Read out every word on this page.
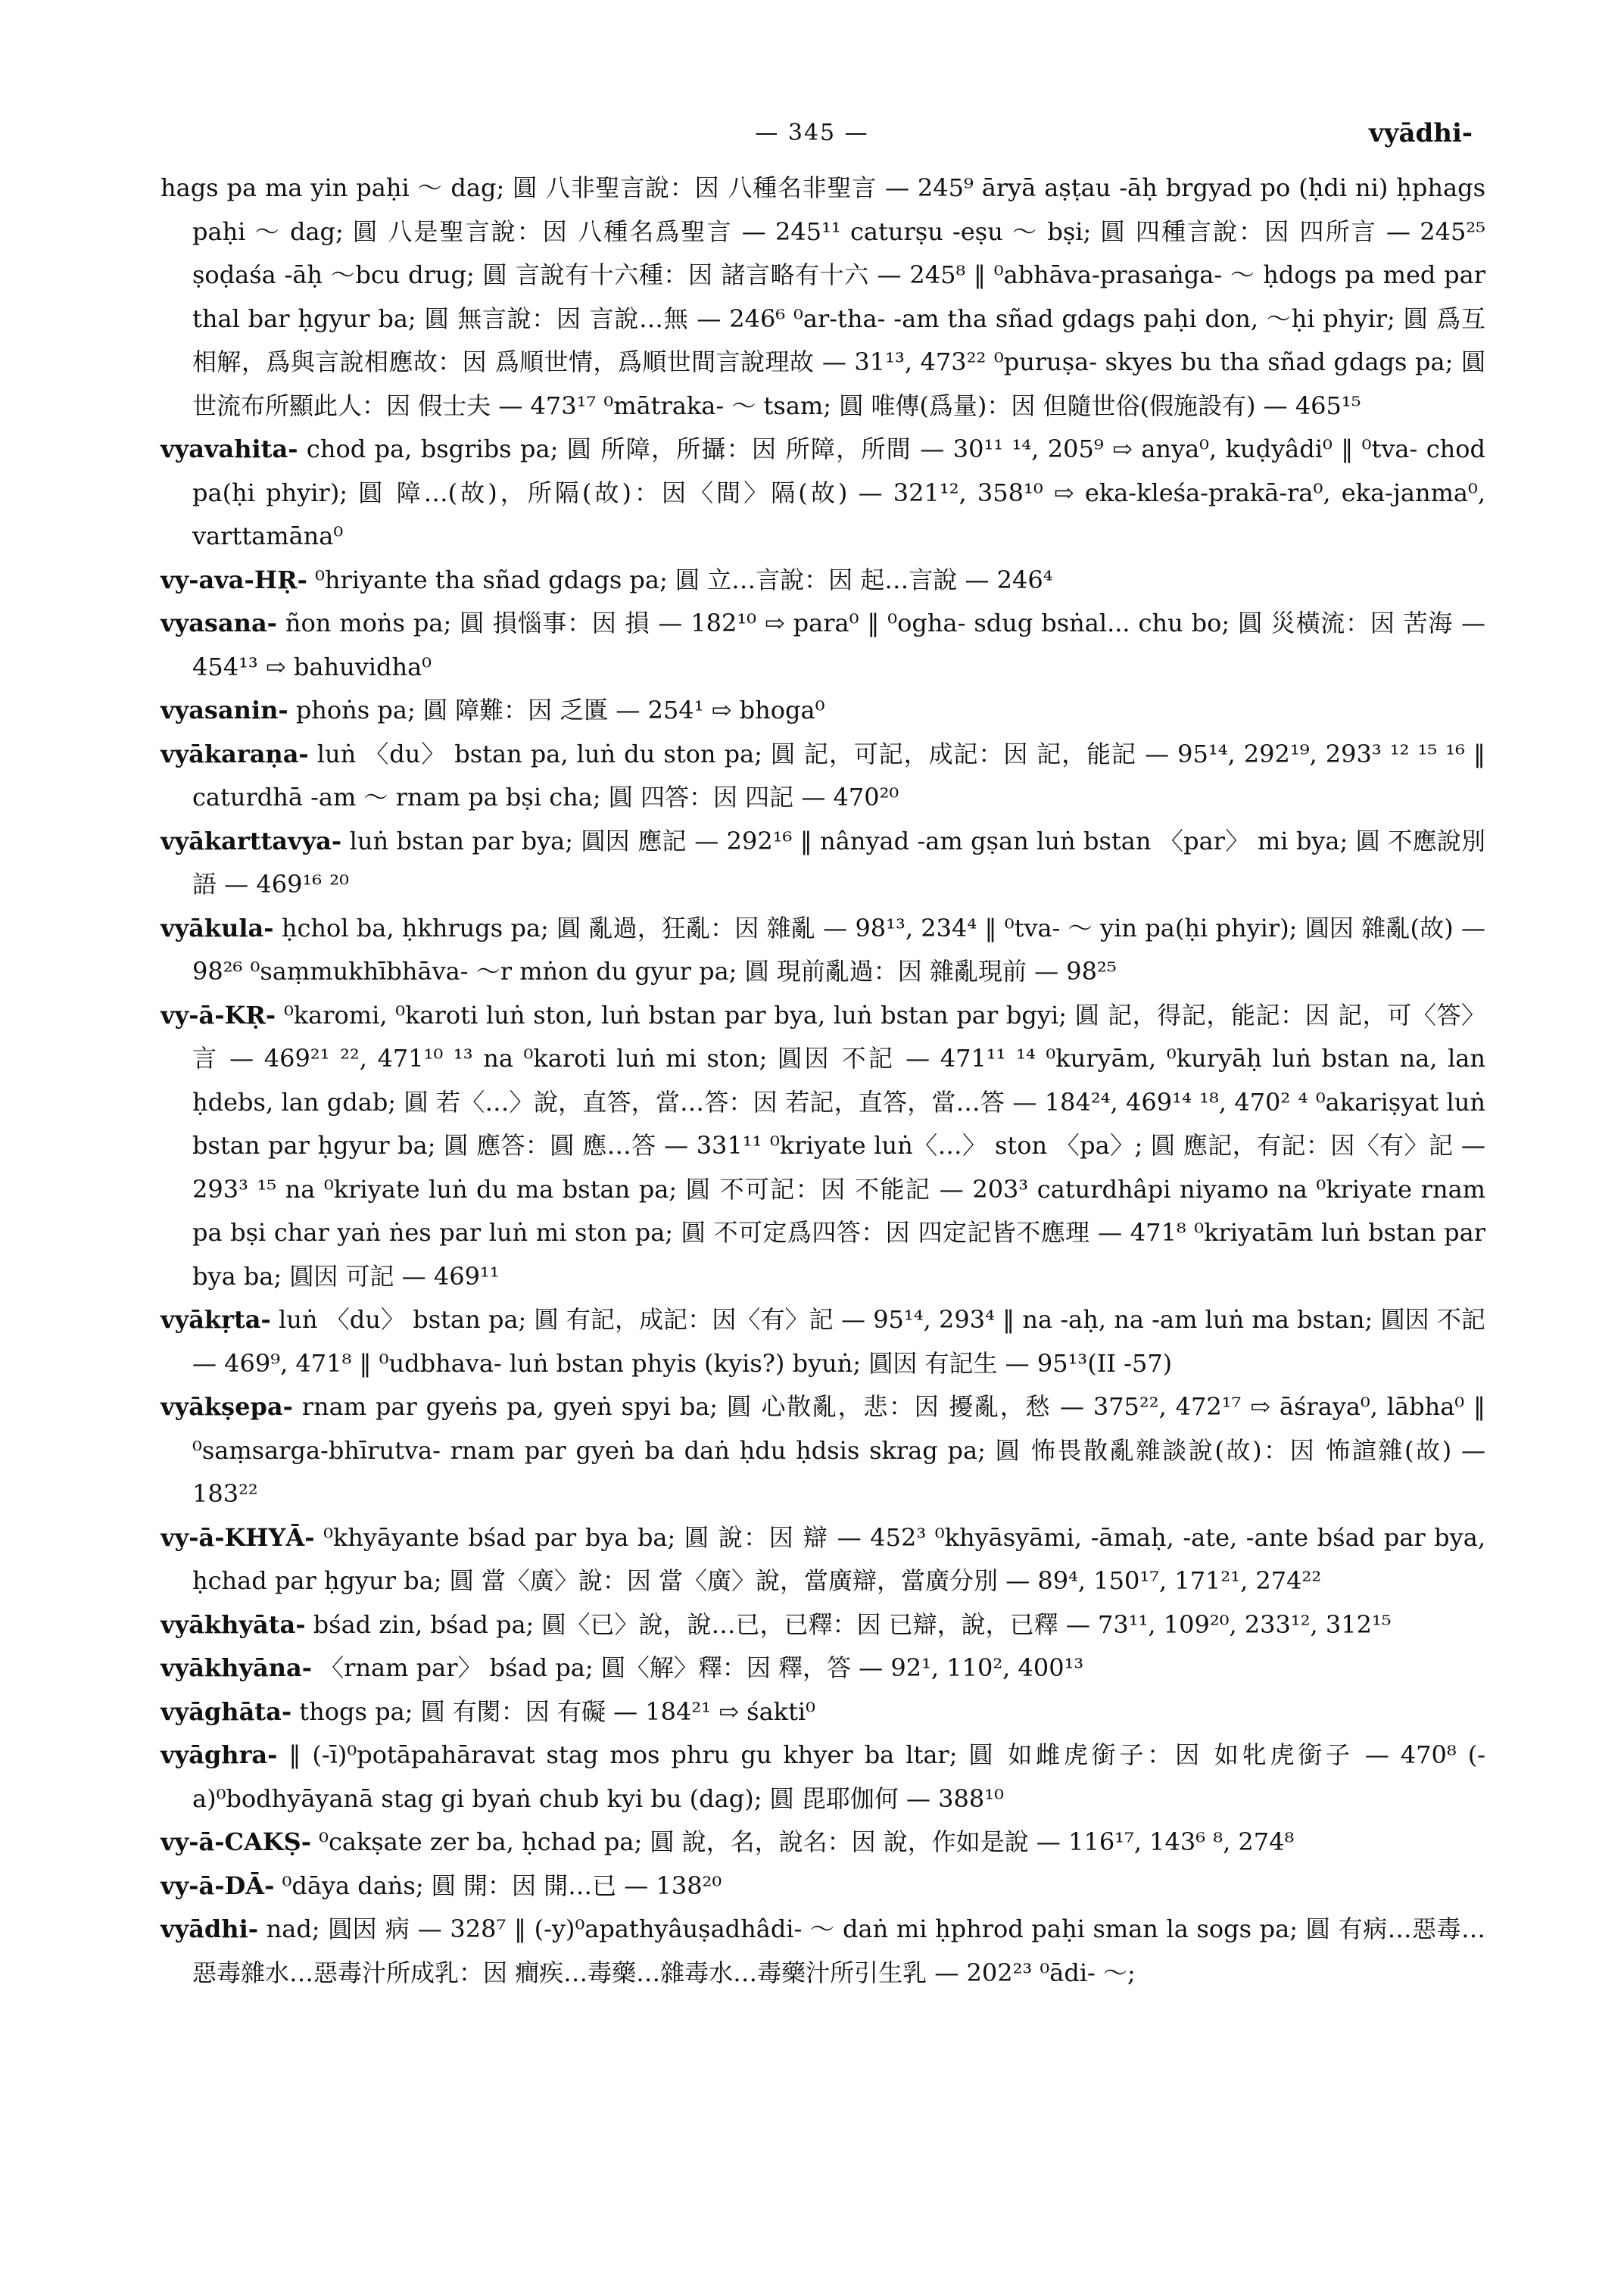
— 345 —	vyādhi-

hags pa ma yin paḥi ～ dag; 圓 八非聖言說：因 八種名非聖言 — 245⁹ āryā aṣṭau -āḥ brgyad po (ḥdi ni) ḥphags paḥi ～ dag; 圓 八是聖言說：因 八種名爲聖言 — 245¹¹ caturṣu -eṣu ～ bṣi; 圓 四種言說：因 四所言 — 245²⁵ ṣoḍaśa -āḥ ～bcu drug; 圓 言說有十六種：因 諸言略有十六 — 245⁸ ‖ ⁰abhāva-prasaṅga- ～ ḥdogs pa med par thal bar ḥgyur ba; 圓 無言說：因 言說…無 — 246⁶ ⁰ar-tha- -am tha sñad gdags paḥi don, ～ḥi phyir; 圓 爲互相解，爲與言說相應故：因 爲順世情，爲順世間言說理故 — 31¹³, 473²² ⁰puruṣa- skyes bu tha sñad gdags pa; 圓 世流布所顯此人：因 假士夫 — 473¹⁷ ⁰mātraka- ～ tsam; 圓 唯傳(爲量)：因 但隨世俗(假施設有) — 465¹⁵

vyavahita- chod pa, bsgribs pa; 圓 所障，所攝：因 所障，所間 — 30¹¹ ¹⁴, 205⁹ ⇨ anya⁰, kuḍyâdi⁰ ‖ ⁰tva- chod pa(ḥi phyir); 圓 障…(故)，所隔(故)：因〈間〉隔(故) — 321¹², 358¹⁰ ⇨ eka-kleśa-prakā-ra⁰, eka-janma⁰, varttamāna⁰

vy-ava-HṚ- ⁰hriyante tha sñad gdags pa; 圓 立…言說：因 起…言說 — 246⁴

vyasana- ñon moṅs pa; 圓 損惱事：因 損 — 182¹⁰ ⇨ para⁰ ‖ ⁰ogha- sdug bsṅal... chu bo; 圓 災橫流：因 苦海 — 454¹³ ⇨ bahuvidha⁰

vyasanin- phoṅs pa; 圓 障難：因 乏匱 — 254¹ ⇨ bhoga⁰

vyākaraṇa- luṅ 〈du〉 bstan pa, luṅ du ston pa; 圓 記，可記，成記：因 記，能記 — 95¹⁴, 292¹⁹, 293³ ¹² ¹⁵ ¹⁶ ‖ caturdhā -am ～ rnam pa bṣi cha; 圓 四答：因 四記 — 470²⁰

vyākarttavya- luṅ bstan par bya; 圓因 應記 — 292¹⁶ ‖ nânyad -am gṣan luṅ bstan 〈par〉 mi bya; 圓 不應說別語 — 469¹⁶ ²⁰

vyākula- ḥchol ba, ḥkhrugs pa; 圓 亂過，狂亂：因 雜亂 — 98¹³, 234⁴ ‖ ⁰tva- ～ yin pa(ḥi phyir); 圓因 雜亂(故) — 98²⁶ ⁰saṃmukhībhāva- ～r mṅon du gyur pa; 圓 現前亂過：因 雜亂現前 — 98²⁵

vy-ā-KṚ- ⁰karomi, ⁰karoti luṅ ston, luṅ bstan par bya, luṅ bstan par bgyi; 圓 記，得記，能記：因 記，可〈答〉言 — 469²¹ ²², 471¹⁰ ¹³ na ⁰karoti luṅ mi ston; 圓因 不記 — 471¹¹ ¹⁴ ⁰kuryām, ⁰kuryāḥ luṅ bstan na, lan ḥdebs, lan gdab; 圓 若〈…〉說，直答，當…答：因 若記，直答，當…答 — 184²⁴, 469¹⁴ ¹⁸, 470² ⁴ ⁰akariṣyat luṅ bstan par ḥgyur ba; 圓 應答：圓 應…答 — 331¹¹ ⁰kriyate luṅ〈…〉 ston 〈pa〉; 圓 應記，有記：因〈有〉記 — 293³ ¹⁵ na ⁰kriyate luṅ du ma bstan pa; 圓 不可記：因 不能記 — 203³ caturdhâpi niyamo na ⁰kriyate rnam pa bṣi char yaṅ ṅes par luṅ mi ston pa; 圓 不可定爲四答：因 四定記皆不應理 — 471⁸ ⁰kriyatām luṅ bstan par bya ba; 圓因 可記 — 469¹¹

vyākṛta- luṅ 〈du〉 bstan pa; 圓 有記，成記：因〈有〉記 — 95¹⁴, 293⁴ ‖ na -aḥ, na -am luṅ ma bstan; 圓因 不記 — 469⁹, 471⁸ ‖ ⁰udbhava- luṅ bstan phyis (kyis?) byuṅ; 圓因 有記生 — 95¹³(II -57)

vyākṣepa- rnam par gyeṅs pa, gyeṅ spyi ba; 圓 心散亂，悲：因 擾亂，愁 — 375²², 472¹⁷ ⇨ āśraya⁰, lābha⁰ ‖ ⁰saṃsarga-bhīrutva- rnam par gyeṅ ba daṅ ḥdu ḥdsis skrag pa; 圓 怖畏散亂雜談說(故)：因 怖諠雜(故) — 183²²

vy-ā-KHYĀ- ⁰khyāyante bśad par bya ba; 圓 說：因 辯 — 452³ ⁰khyāsyāmi, -āmaḥ, -ate, -ante bśad par bya, ḥchad par ḥgyur ba; 圓 當〈廣〉說：因 當〈廣〉說，當廣辯，當廣分別 — 89⁴, 150¹⁷, 171²¹, 274²²

vyākhyāta- bśad zin, bśad pa; 圓〈已〉說，說…已，已釋：因 已辯，說，已釋 — 73¹¹, 109²⁰, 233¹², 312¹⁵

vyākhyāna- 〈rnam par〉 bśad pa; 圓〈解〉釋：因 釋，答 — 92¹, 110², 400¹³

vyāghāta- thogs pa; 圓 有閡：因 有礙 — 184²¹ ⇨ śakti⁰

vyāghra- ‖ (-ī)⁰potāpahāravat stag mos phru gu khyer ba ltar; 圓 如雌虎銜子：因 如牝虎銜子 — 470⁸ (-a)⁰bodhyāyanā stag gi byaṅ chub kyi bu (dag); 圓 毘耶伽何 — 388¹⁰

vy-ā-CAKṢ- ⁰cakṣate zer ba, ḥchad pa; 圓 說，名，說名：因 說，作如是說 — 116¹⁷, 143⁶ ⁸, 274⁸

vy-ā-DĀ- ⁰dāya daṅs; 圓 開：因 開…已 — 138²⁰

vyādhi- nad; 圓因 病 — 328⁷ ‖ (-y)⁰apathyâuṣadhâdi- ～ daṅ mi ḥphrod paḥi sman la sogs pa; 圓 有病…惡毒…惡毒雜水…惡毒汁所成乳：因 癎疾…毒藥…雜毒水…毒藥汁所引生乳 — 202²³ ⁰ādi- ～;
